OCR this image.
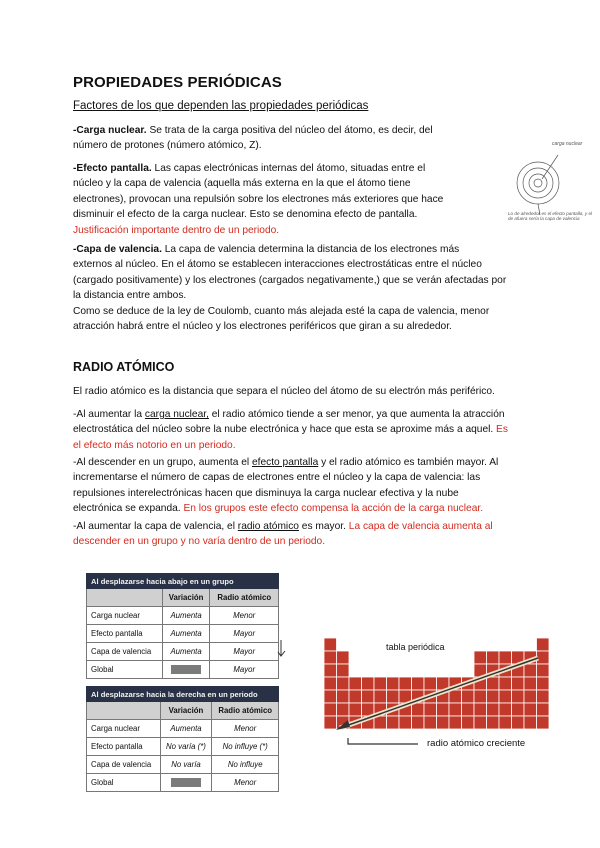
PROPIEDADES PERIÓDICAS
Factores de los que dependen las propiedades periódicas
-Carga nuclear. Se trata de la carga positiva del núcleo del átomo, es decir, del
número de protones (número atómico, Z).
-Efecto pantalla. Las capas electrónicas internas del átomo, situadas entre el
núcleo y la capa de valencia (aquella más externa en la que el átomo tiene
electrones), provocan una repulsión sobre los electrones más exteriores que hace
disminuir el efecto de la carga nuclear. Esto se denomina efecto de pantalla.
Justificación importante dentro de un periodo.
carga nuclear
Lo de alrededor es el efecto pantalla, y el de afuera sería la capa de valencia
-Capa de valencia. La capa de valencia determina la distancia de los electrones más
externos al núcleo. En el átomo se establecen interacciones electrostáticas entre el núcleo
(cargado positivamente) y los electrones (cargados negativamente,) que se verán afectadas por
la distancia entre ambos.
Como se deduce de la ley de Coulomb, cuanto más alejada esté la capa de valencia, menor
atracción habrá entre el núcleo y los electrones periféricos que giran a su alrededor.
RADIO ATÓMICO
El radio atómico es la distancia que separa el núcleo del átomo de su electrón más periférico.
-Al aumentar la carga nuclear, el radio atómico tiende a ser menor, ya que aumenta la atracción
electrostática del núcleo sobre la nube electrónica y hace que esta se aproxime más a aquel. Es
el efecto más notorio en un periodo.
-Al descender en un grupo, aumenta el efecto pantalla y el radio atómico es también mayor. Al
incrementarse el número de capas de electrones entre el núcleo y la capa de valencia: las
repulsiones interelectrónicas hacen que disminuya la carga nuclear efectiva y la nube
electrónica se expanda. En los grupos este efecto compensa la acción de la carga nuclear.
-Al aumentar la capa de valencia, el radio atómico es mayor. La capa de valencia aumenta al
descender en un grupo y no varía dentro de un periodo.
Al desplazarse hacia abajo en un grupo		
	Variación	Radio atómico
Carga nuclear	Aumenta	Menor
Efecto pantalla	Aumenta	Mayor
Capa de valencia	Aumenta	Mayor
Global		Mayor
Al desplazarse hacia la derecha en un periodo		
	Variación	Radio atómico
Carga nuclear	Aumenta	Menor
Efecto pantalla	No varía (*)	No influye (*)
Capa de valencia	No varía	No influye
Global		Menor
tabla periódica
radio atómico creciente
